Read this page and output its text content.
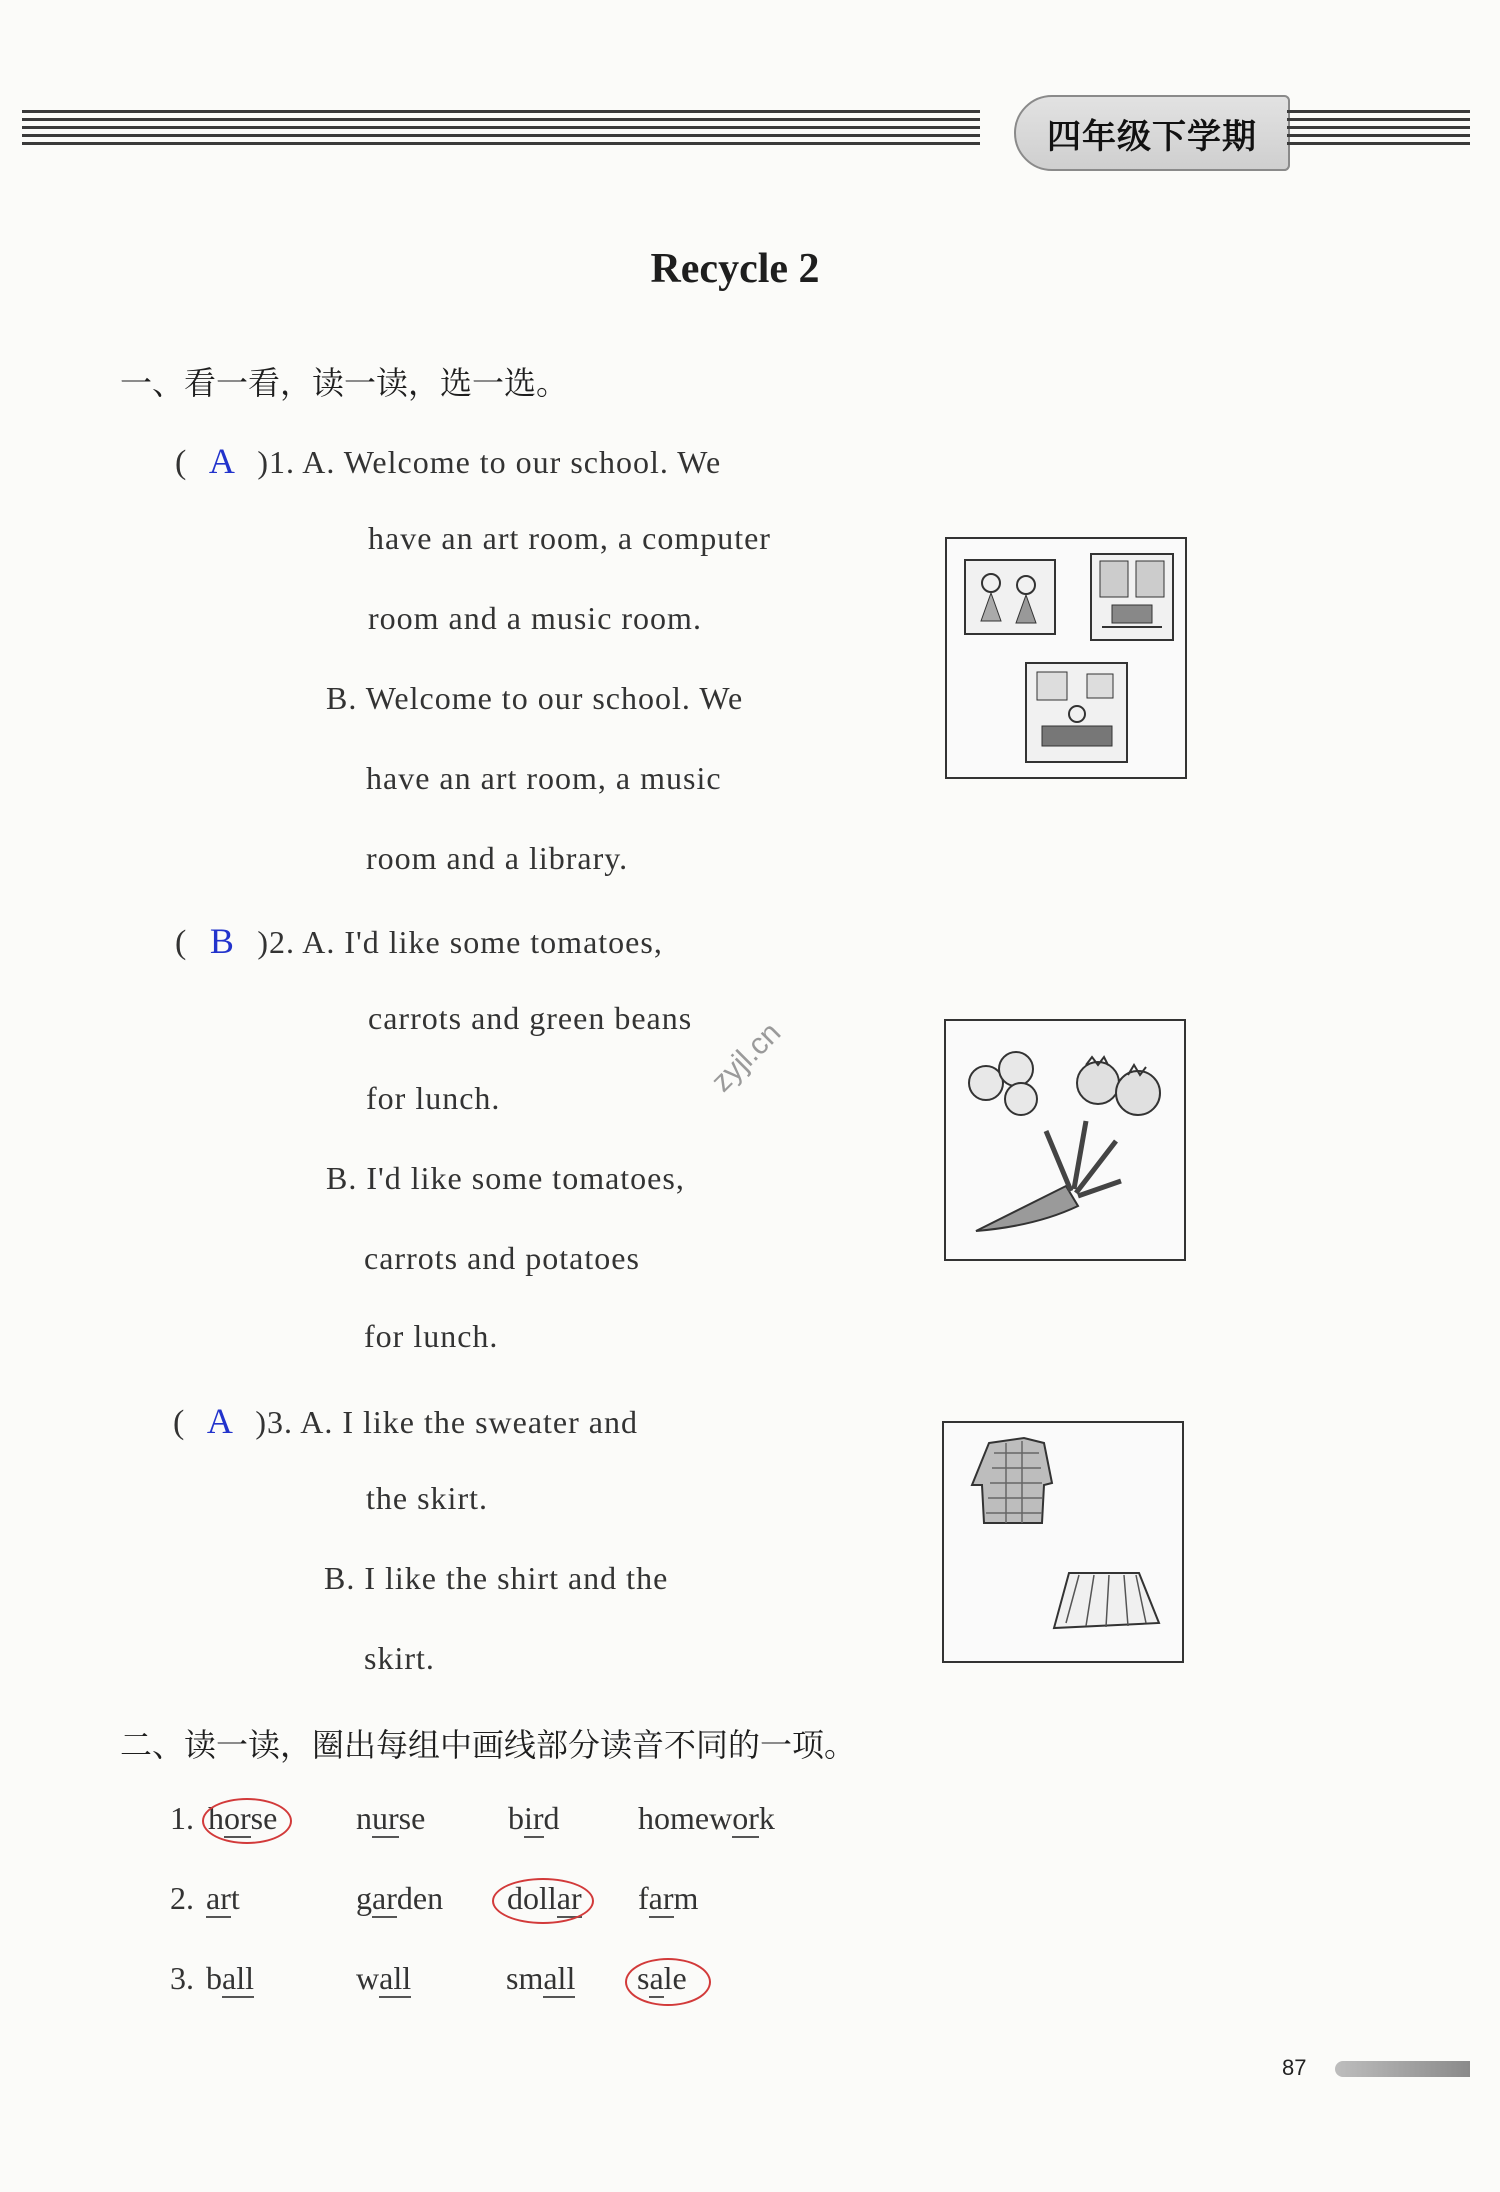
四年级下学期
Recycle 2
一、看一看，读一读，选一选。
( A )1. A. Welcome to our school. We
have an art room, a computer
room and a music room.
B. Welcome to our school. We
have an art room, a music
room and a library.
( B )2. A. I'd like some tomatoes,
carrots and green beans
for lunch.
B. I'd like some tomatoes,
carrots and potatoes
for lunch.
( A )3. A. I like the sweater and
the skirt.
B. I like the shirt and the
skirt.
二、读一读，圈出每组中画线部分读音不同的一项。
1. horse nurse	bird homework
2. art	garden dollar farm
3. ball	wall	small sale
zyjl.cn
87
